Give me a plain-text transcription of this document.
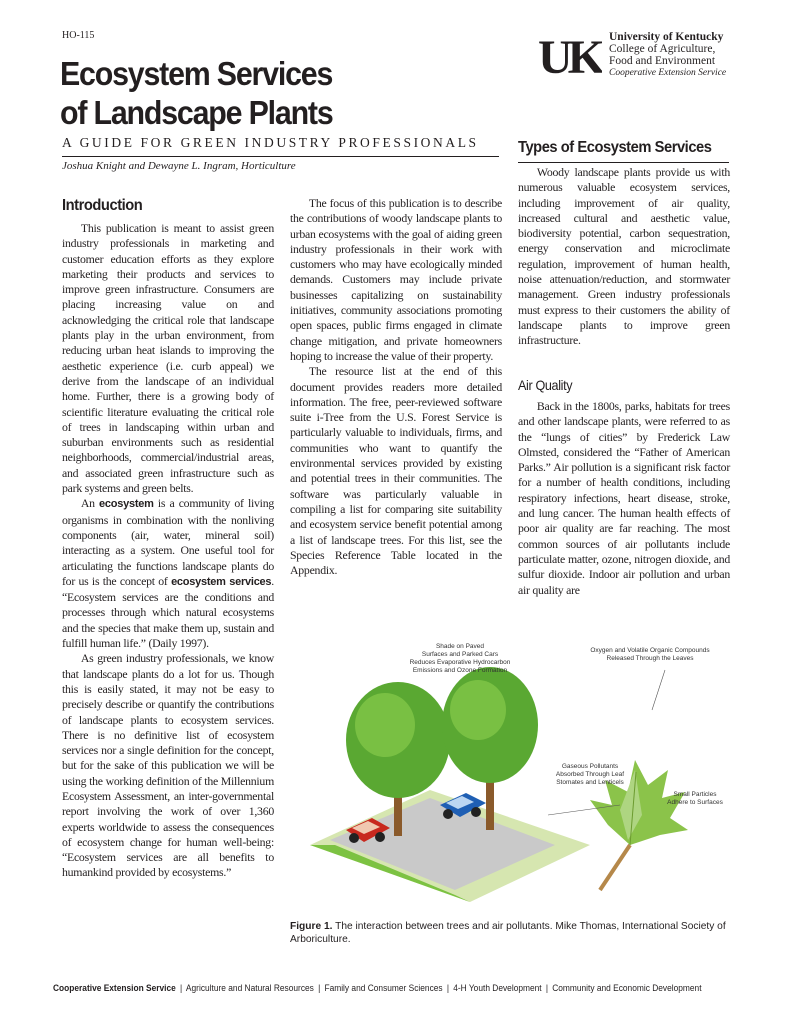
HO-115
Ecosystem Services
of Landscape Plants
A GUIDE FOR GREEN INDUSTRY PROFESSIONALS
Joshua Knight and Dewayne L. Ingram, Horticulture
UK University of Kentucky
College of Agriculture,
Food and Environment
Cooperative Extension Service
Introduction

This publication is meant to assist green industry professionals in marketing and customer education efforts as they explore marketing their products and services to improve green infrastructure. Consumers are placing increasing value on and acknowledging the critical role that landscape plants play in the urban environment, from reducing urban heat islands to improving the aesthetic experience (i.e. curb appeal) we derive from the landscape of an individual home. Further, there is a growing body of scientific literature evaluating the critical role of trees in landscaping within urban and suburban environments such as residential neighborhoods, commercial/industrial areas, and associated green infrastructure such as park systems and green belts.

An ecosystem is a community of living organisms in combination with the nonliving components (air, water, mineral soil) interacting as a system. One useful tool for articulating the functions landscape plants do for us is the concept of ecosystem services. “Ecosystem services are the conditions and processes through which natural ecosystems and the species that make them up, sustain and fulfill human life.” (Daily 1997).

As green industry professionals, we know that landscape plants do a lot for us. Though this is easily stated, it may not be easy to precisely describe or quantify the contributions of landscape plants to ecosystem services. There is no definitive list of ecosystem services nor a single definition for the concept, but for the sake of this publication we will be using the working definition of the Millennium Ecosystem Assessment, an inter-governmental report involving the work of over 1,360 experts worldwide to assess the consequences of ecosystem change for human well-being: “Ecosystem services are all benefits to humankind provided by ecosystems.”

The focus of this publication is to describe the contributions of woody landscape plants to urban ecosystems with the goal of aiding green industry professionals in their work with customers who may have ecologically minded demands. Customers may include private businesses capitalizing on sustainability initiatives, community associations promoting open spaces, public firms engaged in climate change mitigation, and private homeowners hoping to increase the value of their property.

The resource list at the end of this document provides readers more detailed information. The free, peer-reviewed software suite i-Tree from the U.S. Forest Service is particularly valuable to individuals, firms, and communities who want to quantify the environmental services provided by existing and potential trees in their communities. The software was particularly valuable in compiling a list for comparing site suitability and ecosystem service benefit potential among a list of landscape trees. For this list, see the Species Reference Table located in the Appendix.

Types of Ecosystem Services

Woody landscape plants provide us with numerous valuable ecosystem services, including improvement of air quality, increased cultural and aesthetic value, biodiversity potential, carbon sequestration, energy conservation and microclimate regulation, improvement of human health, noise attenuation/reduction, and stormwater management. Green industry professionals must express to their customers the ability of landscape plants to improve green infrastructure.

Air Quality

Back in the 1800s, parks, habitats for trees and other landscape plants, were referred to as the “lungs of cities” by Frederick Law Olmsted, considered the “Father of American Parks.” Air pollution is a significant risk factor for a number of health conditions, including respiratory infections, heart disease, stroke, and lung cancer. The human health effects of poor air quality are far reaching. The most common sources of air pollutants include particulate matter, ozone, nitrogen dioxide, and sulfur dioxide. Indoor air pollution and urban air quality are

Shade on Paved
Surfaces and Parked Cars
Reduces Evaporative Hydrocarbon
Emissions and Ozone Formation
Oxygen and Volatile Organic Compounds
Released Through the Leaves
Gaseous Pollutants
Absorbed Through Leaf
Stomates and Lenticels
Small Particles
Adhere to Surfaces
Figure 1. The interaction between trees and air pollutants. Mike Thomas, International Society of Arboriculture.
Cooperative Extension Service | Agriculture and Natural Resources | Family and Consumer Sciences | 4-H Youth Development | Community and Economic Development
